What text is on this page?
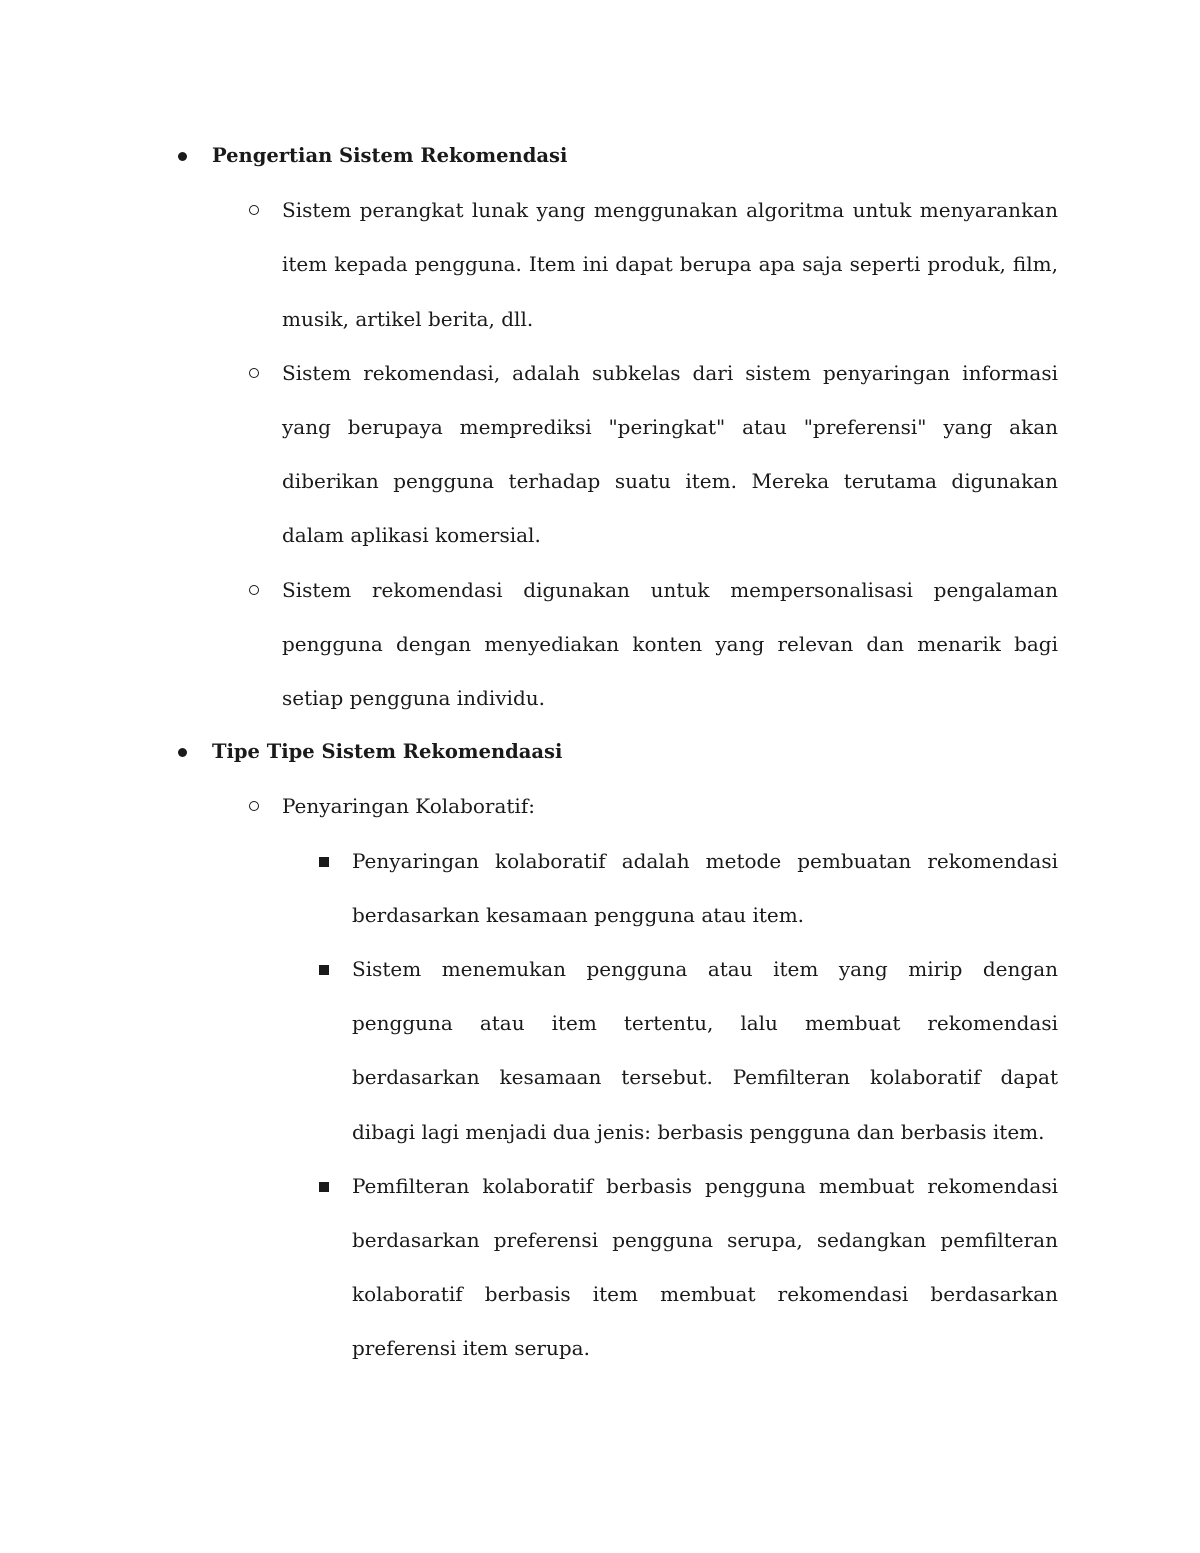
Pengertian Sistem Rekomendasi
Sistem perangkat lunak yang menggunakan algoritma untuk menyarankan item kepada pengguna. Item ini dapat berupa apa saja seperti produk, film, musik, artikel berita, dll.
Sistem rekomendasi, adalah subkelas dari sistem penyaringan informasi yang berupaya memprediksi "peringkat" atau "preferensi" yang akan diberikan pengguna terhadap suatu item. Mereka terutama digunakan dalam aplikasi komersial.
Sistem rekomendasi digunakan untuk mempersonalisasi pengalaman pengguna dengan menyediakan konten yang relevan dan menarik bagi setiap pengguna individu.
Tipe Tipe Sistem Rekomendaasi
Penyaringan Kolaboratif:
Penyaringan kolaboratif adalah metode pembuatan rekomendasi berdasarkan kesamaan pengguna atau item.
Sistem menemukan pengguna atau item yang mirip dengan pengguna atau item tertentu, lalu membuat rekomendasi berdasarkan kesamaan tersebut. Pemfilteran kolaboratif dapat dibagi lagi menjadi dua jenis: berbasis pengguna dan berbasis item.
Pemfilteran kolaboratif berbasis pengguna membuat rekomendasi berdasarkan preferensi pengguna serupa, sedangkan pemfilteran kolaboratif berbasis item membuat rekomendasi berdasarkan preferensi item serupa.
